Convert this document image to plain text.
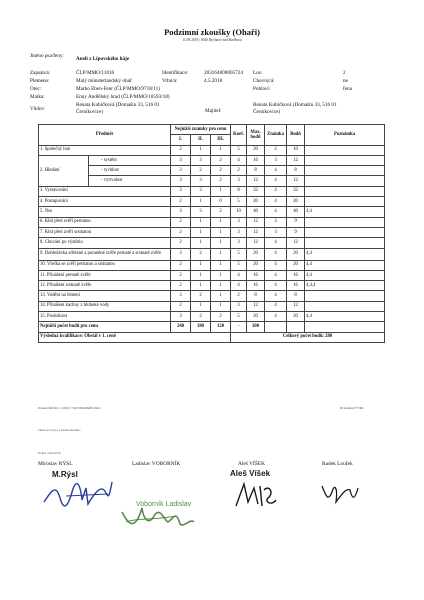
Podzimní zkoušky (Ohaři)
11.09.2018 | 6040 Rychnov nad Kněžnou
Jméno psa/feny:	Aneli z Lipovského háje
Zapsán/a:	ČLP/MMO/11816	Identifikace:	203164000005724 Los:	2
Plemeno:	Malý münsterlandský ohař	Vrhn/a:	4.5.2018	Chovný/á:	ne
Otec:	Marko Eben-Fenr (ČLP/MMO/9718/11)	Pohlaví:	fena
Matka:	Enny Anděllský hrad (ČLP/MMO/10593/18)
Vůdce:
Renata Kubíčková (Domašín 33, 516 01
Černíkovice)	Majitel:
Renata Kubíčková (Domašín 33, 516 01
Černíkovice)
Předmět		Nejnižší známky pro cenu			Koef.	Max. bodů	Známka	Bodů	Poznámka
		I.	II.	III.					
1. Společný hon		2	1	1	5	20	2	10	
2. Hledání	- systém	3	3	2	4	16	3	12	
	- rychlost	3	2	2	2	8	4	8	
	- vytrvalost	3	3	2	3	12	4	12	
3. Vystavování		3	3	1	8	32	4	32	
4. Postupování		2	1	0	5	20	4	20	
5. Nos		3	3	2	10	40	4	40	4,4
6. Klid před zvěří pernatou		2	1	1	3	12	3	9	
7. Klid před zvěří srstnatou		2	1	1	3	12	3	9	
8. Chování po výstřelu		2	1	1	3	12	4	12	
9. Dohledávka střelené a poraněné zvěře pernaté a srstnaté zvěře		3	2	1	5	20	4	20	4,4
10. Vlečka se zvěří pernatou a srstnatou		2	1	1	5	20	4	20	4,4
11. Přinášení pernaté zvěře		2	1	1	4	16	4	16	4,4
12. Přinášení srstnaté zvěře		2	1	1	4	16	4	16	4,4,4
13. Vodění na řemeni		3	2	1	2	8	4	8	
14. Přinášení kachny z hluboké vody		2	1	1	3	12	4	12	
15. Poslušnost		3	2	2	5	20	4	20	4,4
Nejnižší počet bodů pro cenu		240	180	120	-	300			
Výsledná kvalifikace: Obstál v 1. ceně					Celkový počet bodů: 280				
Protokol Miž ČR č. 2 (2021) / 5010/OH-PAMŽE/16221	ID zkoušky 0777466
Zkušovací právo a záruku zkoušky:
Podpis rozhodčích:
Miroslav RÝSL	Ladislav VOBORNÍK	Aleš VÍŠEK	Radek Loufek
M.Rýsl	Aleš Víšek
Voborník Ladislav
